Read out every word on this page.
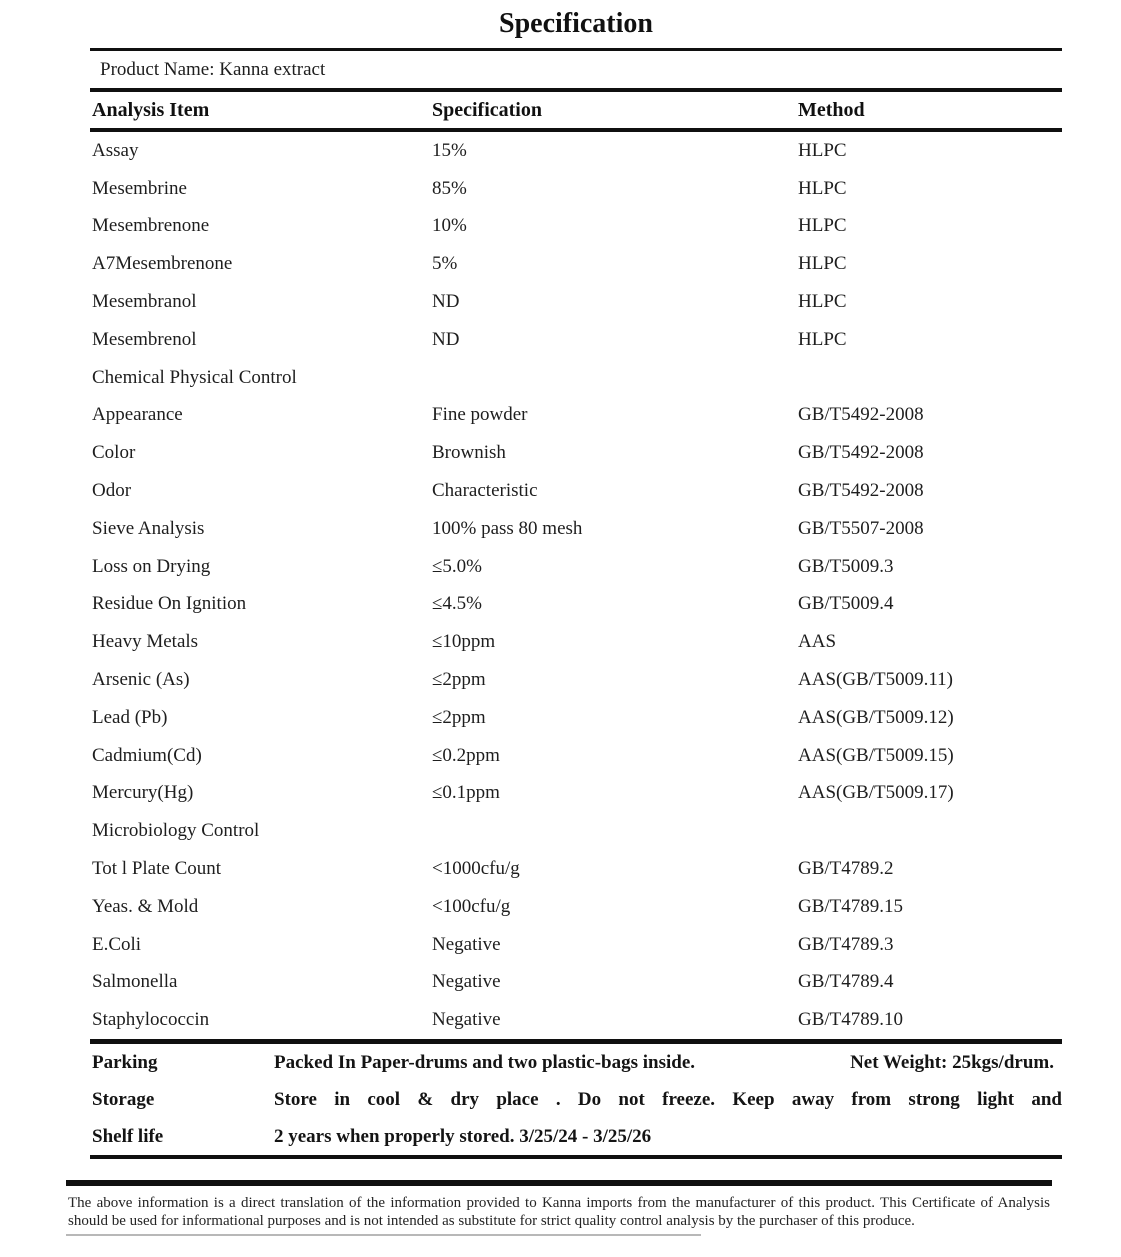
Specification
Product Name: Kanna extract
Analysis Item	Specification	Method
Assay	15%	HLPC
Mesembrine	85%	HLPC
Mesembrenone	10%	HLPC
A7Mesembrenone	5%	HLPC
Mesembranol	ND	HLPC
Mesembrenol	ND	HLPC
Chemical Physical Control
Appearance	Fine powder	GB/T5492-2008
Color	Brownish	GB/T5492-2008
Odor	Characteristic	GB/T5492-2008
Sieve Analysis	100% pass 80 mesh	GB/T5507-2008
Loss on Drying	≤5.0%	GB/T5009.3
Residue On Ignition	≤4.5%	GB/T5009.4
Heavy Metals	≤10ppm	AAS
Arsenic (As)	≤2ppm	AAS(GB/T5009.11)
Lead (Pb)	≤2ppm	AAS(GB/T5009.12)
Cadmium(Cd)	≤0.2ppm	AAS(GB/T5009.15)
Mercury(Hg)	≤0.1ppm	AAS(GB/T5009.17)
Microbiology Control
Tot l Plate Count	<1000cfu/g	GB/T4789.2
Yeas. & Mold	<100cfu/g	GB/T4789.15
E.Coli	Negative	GB/T4789.3
Salmonella	Negative	GB/T4789.4
Staphylococcin	Negative	GB/T4789.10
Parking	Packed In Paper-drums and two plastic-bags inside.	Net Weight: 25kgs/drum.
Storage	Store in cool & dry place . Do not freeze. Keep away from strong light and
Shelf life	2 years when properly stored. 3/25/24 - 3/25/26

The above information is a direct translation of the information provided to Kanna imports from the manufacturer of this product. This Certificate of Analysis should be used for informational purposes and is not intended as substitute for strict quality control analysis by the purchaser of this produce.
